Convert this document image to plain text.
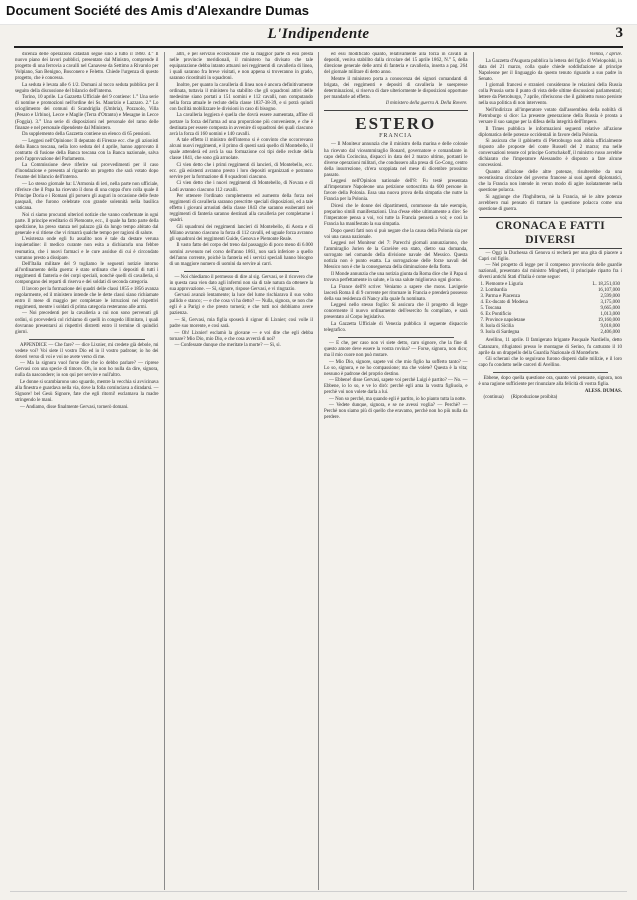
Document Société des Amis d'Alexandre Dumas
L'Indipendente	3

dicenza delle operazioni catastali segue sino a tutto il 1860. 4.° Il nuovo piano dei lavori pubblici, presentato dal Ministro, comprende il progetto di una ferrovia a cavalli nel Canavese da Settimo a Rivarolo per Volpiano, San Benigno, Bosconero e Feletto. Chiede l'urgenza di questo progetto, che è concessa.

La seduta è levata alle 6 1/2. Domani al tocco seduta pubblica per il seguito della discussione del bilancio dell'interno.

Torino, 10 aprile. La Gazzetta Ufficiale del 9 contiene: 1.° Una serie di nomine e promozioni nell'ordine dei Ss. Maurizio e Lazzaro. 2.° Lo scioglimento dei comuni di Scandriglia (Umbria), Pozzuolo, Villa (Pesaro e Urbino), Lecce e Maglie (Terra d'Otranto) e Mesagne in Lecce (Foggia). 3.° Una serie di disposizioni nel personale del ramo delle finanze e nel personale dipendente dal Ministero.

Da supplemento della Gazzetta contiene un elenco di 65 pensioni.

— Leggesi nell'Opinione: Il deputato di Firenze ecc. che gli azionisti della Banca toscana, nella loro seduta del 4 aprile, hanno approvato il contratto di fusione della Banca toscana con la Banca nazionale, salva però l'approvazione del Parlamento.

La Commissione deve riferire sui provvedimenti per il caso d'inondazione e presenta al riguardo un progetto che sarà votato dopo l'esame del bilancio dell'interno.

— Lo stesso giornale ha: L'Armonia di ieri, nella parte non ufficiale, riferisce che il Papa ha ricevuto il dono di una coppa d'oro colla quale il Principe Doria e i Romani gli porsero gli auguri in occasione delle feste pasquali, che furono celebrate con grande solennità nella basilica vaticana.

Noi ci siamo procurati ulteriori notizie che vanno confermate in ogni parte. Il principe ereditario di Piemonte, ecc., il quale ha fatto parte della spedizione, ha preso stanza nel palazzo già da lungo tempo abitato dal generale e si ritiene che vi rimarrà qualche tempo per ragioni di salute.

L'esistenza onde egli fu assalito non è tale da destare veruna inquietudine: il medico curante non esita a dichiararla una febbre reumatica, che i nuovi farmaci e le cure assidue di cui è circondato varranno presto a dissipare.

Dell'Italia militare del 9 togliamo le seguenti notizie intorno all'ordinamento della guerra: è stato ordinato che i depositi di tutti i reggimenti di fanteria e dei corpi speciali, nonchè quelli di cavalleria, si compongano dei reparti di riserva e dei soldati di seconda categoria.

Il lavoro per la formazione dei quadri delle classi 1855 e 1856 avanza regolarmente, ed il ministero intende che le dette classi siano richiamate entro il mese di maggio per completare le istruzioni nei rispettivi reggimenti, mentre i soldati di prima categoria resteranno alle armi.

— Noi precedenti per la cavalleria a cui non sono pervenuti gli ordini, si provvederà col richiamo di quelli in congedo illimitato, i quali dovranno presentarsi ai rispettivi distretti entro il termine di quindici giorni.

APPENDICE — Che fare? — dice Lixnier, mi credete già debole, mi vedete voi? Voi siete il vostro Dio ed io il vostro padrone; io ho dei doveri verso di voi e voi ne avete verso di me.

— Ma la signora vuol forse dire che io debbo parlare? — riprese Gervasi con una specie di timore. Oh, io non ho nulla da dire, signora, nulla da nascondere; io son qui per servire e null'altro.

Le donne si scambiarono uno sguardo, mentre la vecchia si avvicinava alla finestra e guardava nella via, dove la folla cominciava a diradarsi. — Signore! bel Gesù Signore, fate che egli ritorni! esclamava la madre stringendo le mani.

— Andiamo, disse finalmente Gervasi, tornerò domani.

altri, e pel servizio eccezionale che la maggior parte di essi presta nelle provincie meridionali, il ministero ha divisato che tale equiparazione debba intanto attuarsi nei reggimenti di cavalleria di linea, i quali saranno fra breve visitati, e non appena si troveranno in grado, saranno ricostituiti in squadroni.

Inoltre, per quanto la cavalleria di linea non è ancora definitivamente ordinata, tuttavia il ministero ha stabilito che gli squadroni attivi delle medesime siano portati a 151 uomini e 112 cavalli, non computando nella forza attuale le reclute della classe 1837-38-39, e si potrà quindi con facilità mobilizzare le divisioni in caso di bisogno.

La cavalleria leggiera è quella che dovrà essere aumentata, affine di portare la forza dell'arma ad una proporzione più conveniente, e che è destinata per essere composta in avvenire di squadroni dei quali ciascuno avrà la forza di 160 uomini e 140 cavalli.

A tale effetto il ministro dell'interno si è convinto che occorrevano alcuni nuovi reggimenti, e il primo di questi sarà quello di Montebello, il quale attenderà ed avrà la sua formazione coi tipi delle reclute della classe 1841, che sono già arruolate.

Ci vien detto che i primi reggimenti di lancieri, di Montebello, ecc. ecc. già esistenti avranno presto i loro depositi organizzati e potranno servire per la formazione di 8 squadroni ciascuno.

Ci vien detto che i nuovi reggimenti di Montebello, di Novara e di Lodi avranno ciascuno 112 cavalli.

Per ottenere l'ordinato complemento ed aumento della forza nei reggimenti di cavalleria saranno prescritte speciali disposizioni, ed a tale effetto i giovani arruolati della classe 1843 che saranno esuberanti nei reggimenti di fanteria saranno destinati alla cavalleria per completarne i quadri.

Gli squadroni dei reggimenti lancieri di Montebello, di Aosta e di Milano avranno ciascuno la forza di 112 cavalli, ed uguale forza avranno gli squadroni dei reggimenti Guide, Genova e Piemonte Reale.

Il vasto fatto del corpo del treno dal passaggio di poco meno di 6.000 uomini avvenuto nel corso dell'anno 1861, non sarà inferiore a quello dell'anno corrente, poichè la fanteria ed i servizi speciali hanno bisogno di un maggiore numero di uomini da servire ai carri.

— Noi chiediamo il permesso di dire al sig. Gervasi, se il ricovero che in questa casa vien dato agli infermi non sia di tale natura da ottenere la sua approvazione. — Sì, signore, rispose Gervasi, e vi ringrazio.

Gervasi avanzò lentamente; la luce del lume rischiarava il suo volto pallido e stanco; — e che cosa vi ha detto? — Nulla, signora, se non che egli è a Parigi e che presto tornerà; e che tutti noi dobbiamo avere pazienza.

— Sì, Gervasi, mia figlia sposerà il signor di Lixnier; così volle il padre suo morente, e così sarà.

— Oh! Lixnier! esclamò la giovane — e voi dite che egli debba tornare? Mio Dio, mio Dio, e che cosa avverrà di noi?

— Confessate dunque che meritate la morte? — Sì, sì.

ed essi modificato quanto, relativamente alla forza in cavalli ai depositi, veniva stabilito dalla circolare del 15 aprile 1862, N.° 5, della direzione generale delle armi di fanteria e cavalleria, inserta a pag. 264 del giornale militare di detto anno.

Mentre il ministero porta a conoscenza dei signori comandanti di brigata, dei reggimenti e depositi di cavalleria le suespresse determinazioni, si riserva di dare ulteriormente le disposizioni opportune per mandarle ad effetto.

Il ministero della guerra A. Della Rovere.

ESTERO
FRANCIA

— Il Moniteur annunzia che il ministro della marina e delle colonie ha ricevuto dal viceammiraglio Bonard, governatore e comandante in capo della Cocincina, dispacci in data del 2 marzo ultimo, portanti le diverse operazioni militari, che condussero alla presa di Go-Cong, centro della insurrezione, ch'era scoppiata nel mese di dicembre prossimo passato.

Leggesi nell'Opinion nationale dell'8: Fu testè presentata all'imperatore Napoleone una petizione sottoscritta da 600 persone in favore della Polonia. Essa una nuova prova della simpatia che nutre la Francia per la Polonia.

Dicesi che le donne dei dipartimenti, commosse da tale esempio, preparino simili manifestazioni. Una d'esse ebbe ultimamente a dire: Se l'imperatore pensa a voi, voi tutte la Francia penserà a voi; e così la Francia ha manifestato la sua simpatia.

Dopo questi fatti non si può negare che la causa della Polonia sia per voi una causa nazionale.

Leggesi nel Moniteur del 7: Parecchi giornali annunziarono, che l'ammiraglio Jurien de la Gravière era stato, dietro sua domanda, surrogato nel comando della divisione navale del Messico. Questa notizia non è punto esatta. La surrogazione delle forze navali del Messico non è che la conseguenza della diminuzione della flotta.

Il Monde annunzia che una notizia giunta da Roma dice che il Papa si trovava perfettamente in salute, e la sua salute migliorava ogni giorno.

La France dell'8 scrive: Veniamo a sapere che mons. Lavigerie lascerà Roma il dì 9 corrente per ritornare in Francia e prenderà possesso della sua residenza di Nancy alla quale fu nominato.

Leggesi nello stesso foglio: Si assicura che il progetto di legge concernente il nuovo ordinamento dell'esercito fu compilato, e sarà presentato al Corpo legislativo.

La Gazzetta Ufficiale di Venezia pubblica il seguente dispaccio telegrafico.

— E che, per caso non vi siete detto, caro signore, che la fine di questo amore deve essere la vostra rovina? — Forse, signora, non dico; ma il mio cuore non può mutare.

— Mio Dio, signore, sapete voi che mio figlio ha sofferto tanto? — Lo so, signora, e ne ho compassione; ma che volete? Questa è la vita; nessuno è padrone del proprio destino.

— Ebbene! disse Gervasi, sapete voi perchè Luigi è partito? — No. — Ebbene, io lo so, e ve lo dirò: perchè egli ama la vostra figliuola, e perchè voi non volete darla a lui.

— Non so perchè, ma quando egli è partito, io ho pianto tutta la notte.

— Vedete dunque, signora, e se ne avessi voglia? — Perchè? — Perchè non siamo più di quello che eravamo, perchè non ho più nulla da perdere.

Vienna, 7 aprile.

La Gazzetta d'Augusta pubblica la lettera del figlio di Wielopolski, in data del 21 marzo, colla quale chiede soddisfazione al principe Napoleone per il linguaggio da questo tenuto riguardo a suo padre in Senato.

I giornali francesi e stranieri considerano le relazioni della Russia colla Prussia sotto il punto di vista delle ultime discussioni parlamentari; lettere da Pietroburgo, 7 aprile, riferiscono che il gabinetto russo persiste nella sua politica di non intervento.

Nell'indirizzo all'imperatore votato dall'assemblea della nobiltà di Pietroburgo si dice: La presente generazione della Russia è pronta a versare il suo sangue per la difesa della integrità dell'Impero.

Il Times pubblica le informazioni seguenti relative all'azione diplomatica delle potenze occidentali in favore della Polonia.

Si assicura che il gabinetto di Pietroburgo non abbia ufficialmente risposto alle proposte del conte Russell del 2 marzo; ma nelle conversazioni tenute col principe Gortschakoff, il ministro russo avrebbe dichiarato che l'imperatore Alessandro è disposto a fare alcune concessioni.

Quanto all'azione delle altre potenze, risulterebbe da una recentissima circolare del governo francese ai suoi agenti diplomatici, che la Francia non intende in verun modo di agire isolatamente nella questione polacca.

Si aggiunge che l'Inghilterra, nè la Francia, nè le altre potenze avrebbero mai pensato di trattare la questione polacca come una questione di guerra.

CRONACA E FATTI DIVERSI

— Oggi la Duchessa di Genova si recherà per una gita di piacere a Capri col figlio.

— Nel progetto di legge per il compenso provvisorio delle guardie nazionali, presentato dal ministro Minghetti, il principale riparto fra i diversi antichi Stati d'Italia è come segue:

1. Piemonte e Liguria	L. 18,251,030
2. Lombardia	16,107,000
3. Parma e Piacenza	2,599,000
4. Ex-ducato di Modena	3,175,000
5. Toscana	9,665,000
6. Ex Pontificio	1,013,000
7. Province napoletane	19,160,000
8. Isola di Sicilia	9,018,000
9. Isola di Sardegna	2,406,000

Avellino, 11 aprile. Il famigerato brigante Pasquale Nardiello, detto Catanzaro, rifugiatosi presso le montagne di Serino, fu catturato il 10 aprile da un drappello della Guardia Nazionale di Monteforte.

Gli scherani che lo seguivano furono dispersi dalle milizie, e il loro capo fu condotto nelle carceri di Avellino.

Ebbene, dopo quella questione ora, quanto voi pensaste, signora, non è una ragione sufficiente per rinunziare alla felicità di vostra figlia.

ALESS. DUMAS.

(continua) (Riproduzione proibita)
